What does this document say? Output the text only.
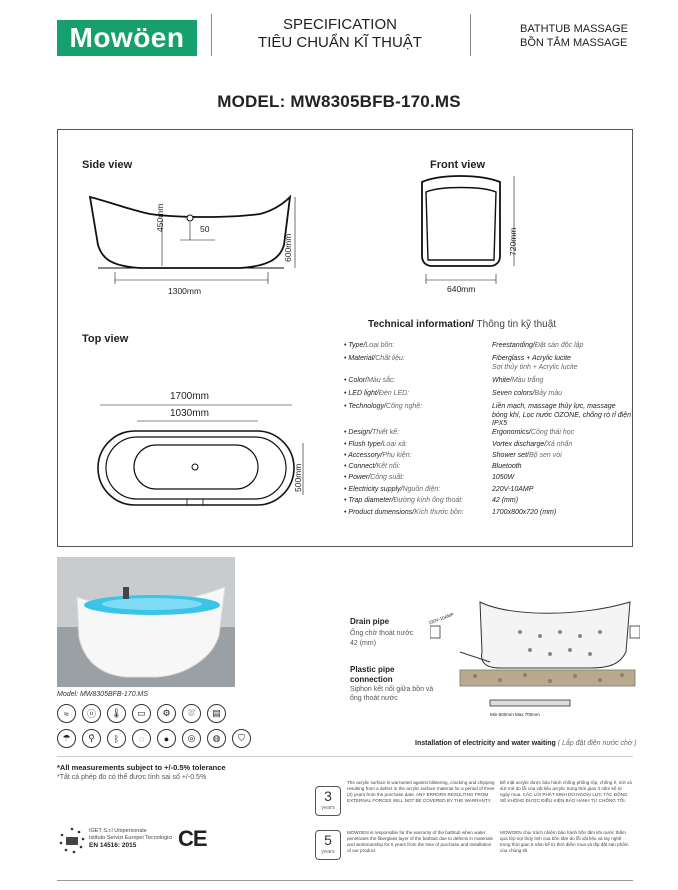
Mowöen	SPECIFICATION
TIÊU CHUẨN KĨ THUẬT
BATHTUB MASSAGE
BỒN TẮM MASSAGE
MODEL: MW8305BFB-170.MS
Side view	Front view
Top view
450mm	50
600mm
1300mm
720mm
640mm
1700mm
1030mm
500mm
Technical information/ Thông tin kỹ thuật
• Type/Loại bồn:	Freestanding/Đặt sàn độc lập
• Material/Chất liệu:	Fiberglass + Acrylic lucite
Sợi thủy tinh + Acrylic lucite
• Color/Màu sắc:	White/Màu trắng
• LED light/Đèn LED:	Seven colors/Bảy màu
• Technology/Công nghệ:	Liền mạch, massage thủy lực, massage bóng khí, Lọc nước OZONE, chống rò rỉ điện IPX5
• Design/Thiết kế:	Ergonomics/Công thái học
• Flush type/Loại xả:	Vortex discharge/Xả nhấn
• Accessory/Phụ kiện:	Shower set/Bộ sen vòi
• Connect/Kết nối:	Bluetooth
• Power/Công suất:	1050W
• Electricity supply/Nguồn điện:	220V-10AMP
• Trap diameter/Đường kính ống thoát:	42 (mm)
• Product dumensions/Kích thước bồn:	1700x800x720 (mm)
Model: MW8305BFB-170.MS
≈	ⓞ	🌡	▭	⚙	⛆	▤
☂	⚲	ᛒ	◌	●	◎	◍	⛉
Drain pipe
Ống chờ thoát nước
42 (mm)
Plastic pipe connection
Siphon kết nối giữa bồn và ống thoát nước
220V-10AMP
Min-500mm Max 700mm
Installation of electricity and water waiting ( Lắp đặt điện nước chờ )
*All measurements subject to +/-0.5% tolerance
*Tất cả phép đo có thể được tính sai số +/-0.5%
3
years
The acrylic surface is warranted against blistering, cracking and chipping resulting from a defect in the acrylic surface material for a period of three (3) years from the purchase date. ANY ERRORS RESULTING FROM EXTERNAL FORCES WILL NOT BE COVERED BY THE WARRANTY.
Bề mặt acrylic được bảo hành chống phồng rộp, chống ẻ, nứt và sứt mẻ do lỗi của vật liệu acrylic trong thời gian 3 năm kể từ ngày mua. CÁC LỖI PHÁT SINH DO NGOẠI LỰC TÁC ĐỘNG SẼ KHÔNG ĐƯỢC ĐIỀU KIỆN BẢO HÀNH TỪ CHỐNG TỐI.
5
years
MOWOEN is responsible for the warranty of the bathtub when water penetrates the fiberglass layer of the bathtub due to defects in materials and workmanship for 5 years from the time of purchase and installation of our product.
MOWOEN chịu trách nhiệm bảo hành bồn tắm khi nước thấm qua lớp sợi thủy tinh của bồn tắm do lỗi vật liệu và tay nghề trong thời gian 5 năm kể từ thời điểm mua và lắp đặt sản phẩm của chúng tôi.
IGET S.r.l Unipersonale
Istituto Servizi Europei Tecnologici
EN 14516: 2015	CE
